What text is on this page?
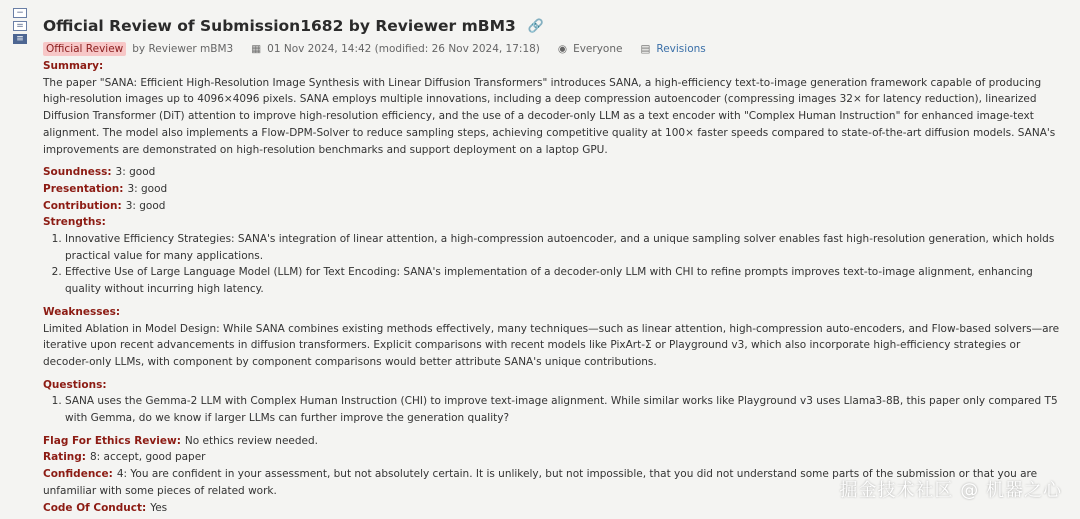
−
=
≡
Official Review of Submission1682 by Reviewer mBM3 🔗
Official Review by Reviewer mBM3 ▦ 01 Nov 2024, 14:42 (modified: 26 Nov 2024, 17:18) ◉ Everyone ▤ Revisions
Summary:
The paper "SANA: Efficient High-Resolution Image Synthesis with Linear Diffusion Transformers" introduces SANA, a high-efficiency text-to-image generation framework capable of producing high-resolution images up to 4096×4096 pixels. SANA employs multiple innovations, including a deep compression autoencoder (compressing images 32× for latency reduction), linearized Diffusion Transformer (DiT) attention to improve high-resolution efficiency, and the use of a decoder-only LLM as a text encoder with "Complex Human Instruction" for enhanced image-text alignment. The model also implements a Flow-DPM-Solver to reduce sampling steps, achieving competitive quality at 100× faster speeds compared to state-of-the-art diffusion models. SANA's improvements are demonstrated on high-resolution benchmarks and support deployment on a laptop GPU.
Soundness: 3: good
Presentation: 3: good
Contribution: 3: good
Strengths:
1. Innovative Efficiency Strategies: SANA's integration of linear attention, a high-compression autoencoder, and a unique sampling solver enables fast high-resolution generation, which holds practical value for many applications.
2. Effective Use of Large Language Model (LLM) for Text Encoding: SANA's implementation of a decoder-only LLM with CHI to refine prompts improves text-to-image alignment, enhancing quality without incurring high latency.
Weaknesses:
Limited Ablation in Model Design: While SANA combines existing methods effectively, many techniques—such as linear attention, high-compression auto-encoders, and Flow-based solvers—are iterative upon recent advancements in diffusion transformers. Explicit comparisons with recent models like PixArt-Σ or Playground v3, which also incorporate high-efficiency strategies or decoder-only LLMs, with component by component comparisons would better attribute SANA's unique contributions.
Questions:
1. SANA uses the Gemma-2 LLM with Complex Human Instruction (CHI) to improve text-image alignment. While similar works like Playground v3 uses Llama3-8B, this paper only compared T5 with Gemma, do we know if larger LLMs can further improve the generation quality?
Flag For Ethics Review: No ethics review needed.
Rating: 8: accept, good paper
Confidence: 4: You are confident in your assessment, but not absolutely certain. It is unlikely, but not impossible, that you did not understand some parts of the submission or that you are unfamiliar with some pieces of related work.
Code Of Conduct: Yes
掘金技术社区 @ 机器之心
